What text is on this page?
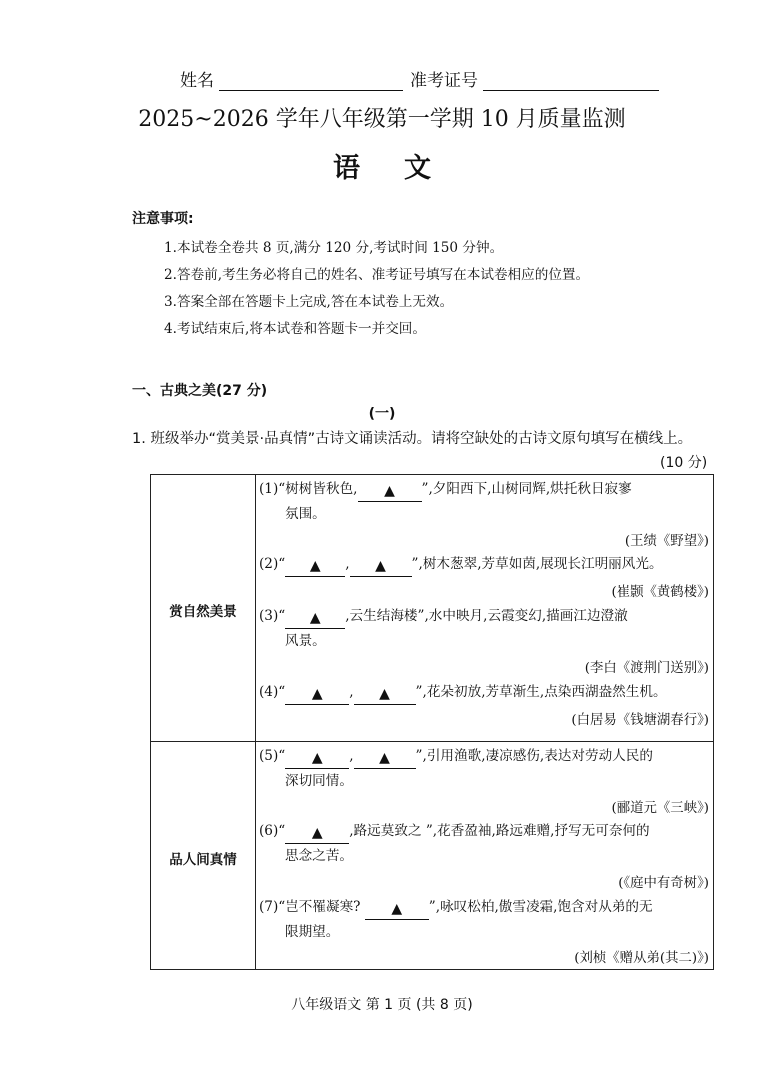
姓名	准考证号
2025~2026 学年八年级第一学期 10 月质量监测
语文
注意事项:
1.本试卷全卷共 8 页,满分 120 分,考试时间 150 分钟。
2.答卷前,考生务必将自己的姓名、准考证号填写在本试卷相应的位置。
3.答案全部在答题卡上完成,答在本试卷上无效。
4.考试结束后,将本试卷和答题卡一并交回。
一、古典之美(27 分)
(一)
1. 班级举办“赏美景·品真情”古诗文诵读活动。请将空缺处的古诗文原句填写在横线上。
(10 分)
赏自然美景
品人间真情
(1)“树树皆秋色, ▲ ”,夕阳西下,山树同辉,烘托秋日寂寥
氛围。
(王绩《野望》)
(2)“ ▲ , ▲ ”,树木葱翠,芳草如茵,展现长江明丽风光。
(崔颢《黄鹤楼》)
(3)“ ▲ ,云生结海楼”,水中映月,云霞变幻,描画江边澄澈
风景。
(李白《渡荆门送别》)
(4)“ ▲ , ▲ ”,花朵初放,芳草渐生,点染西湖盎然生机。
(白居易《钱塘湖春行》)
(5)“ ▲ , ▲ ”,引用渔歌,凄凉感伤,表达对劳动人民的
深切同情。
(郦道元《三峡》)
(6)“ ▲ ,路远莫致之 ”,花香盈袖,路远难赠,抒写无可奈何的
思念之苦。
(《庭中有奇树》)
(7)“岂不罹凝寒? ▲ ”,咏叹松柏,傲雪凌霜,饱含对从弟的无
限期望。
(刘桢《赠从弟(其二)》)
八年级语文 第 1 页 (共 8 页)
